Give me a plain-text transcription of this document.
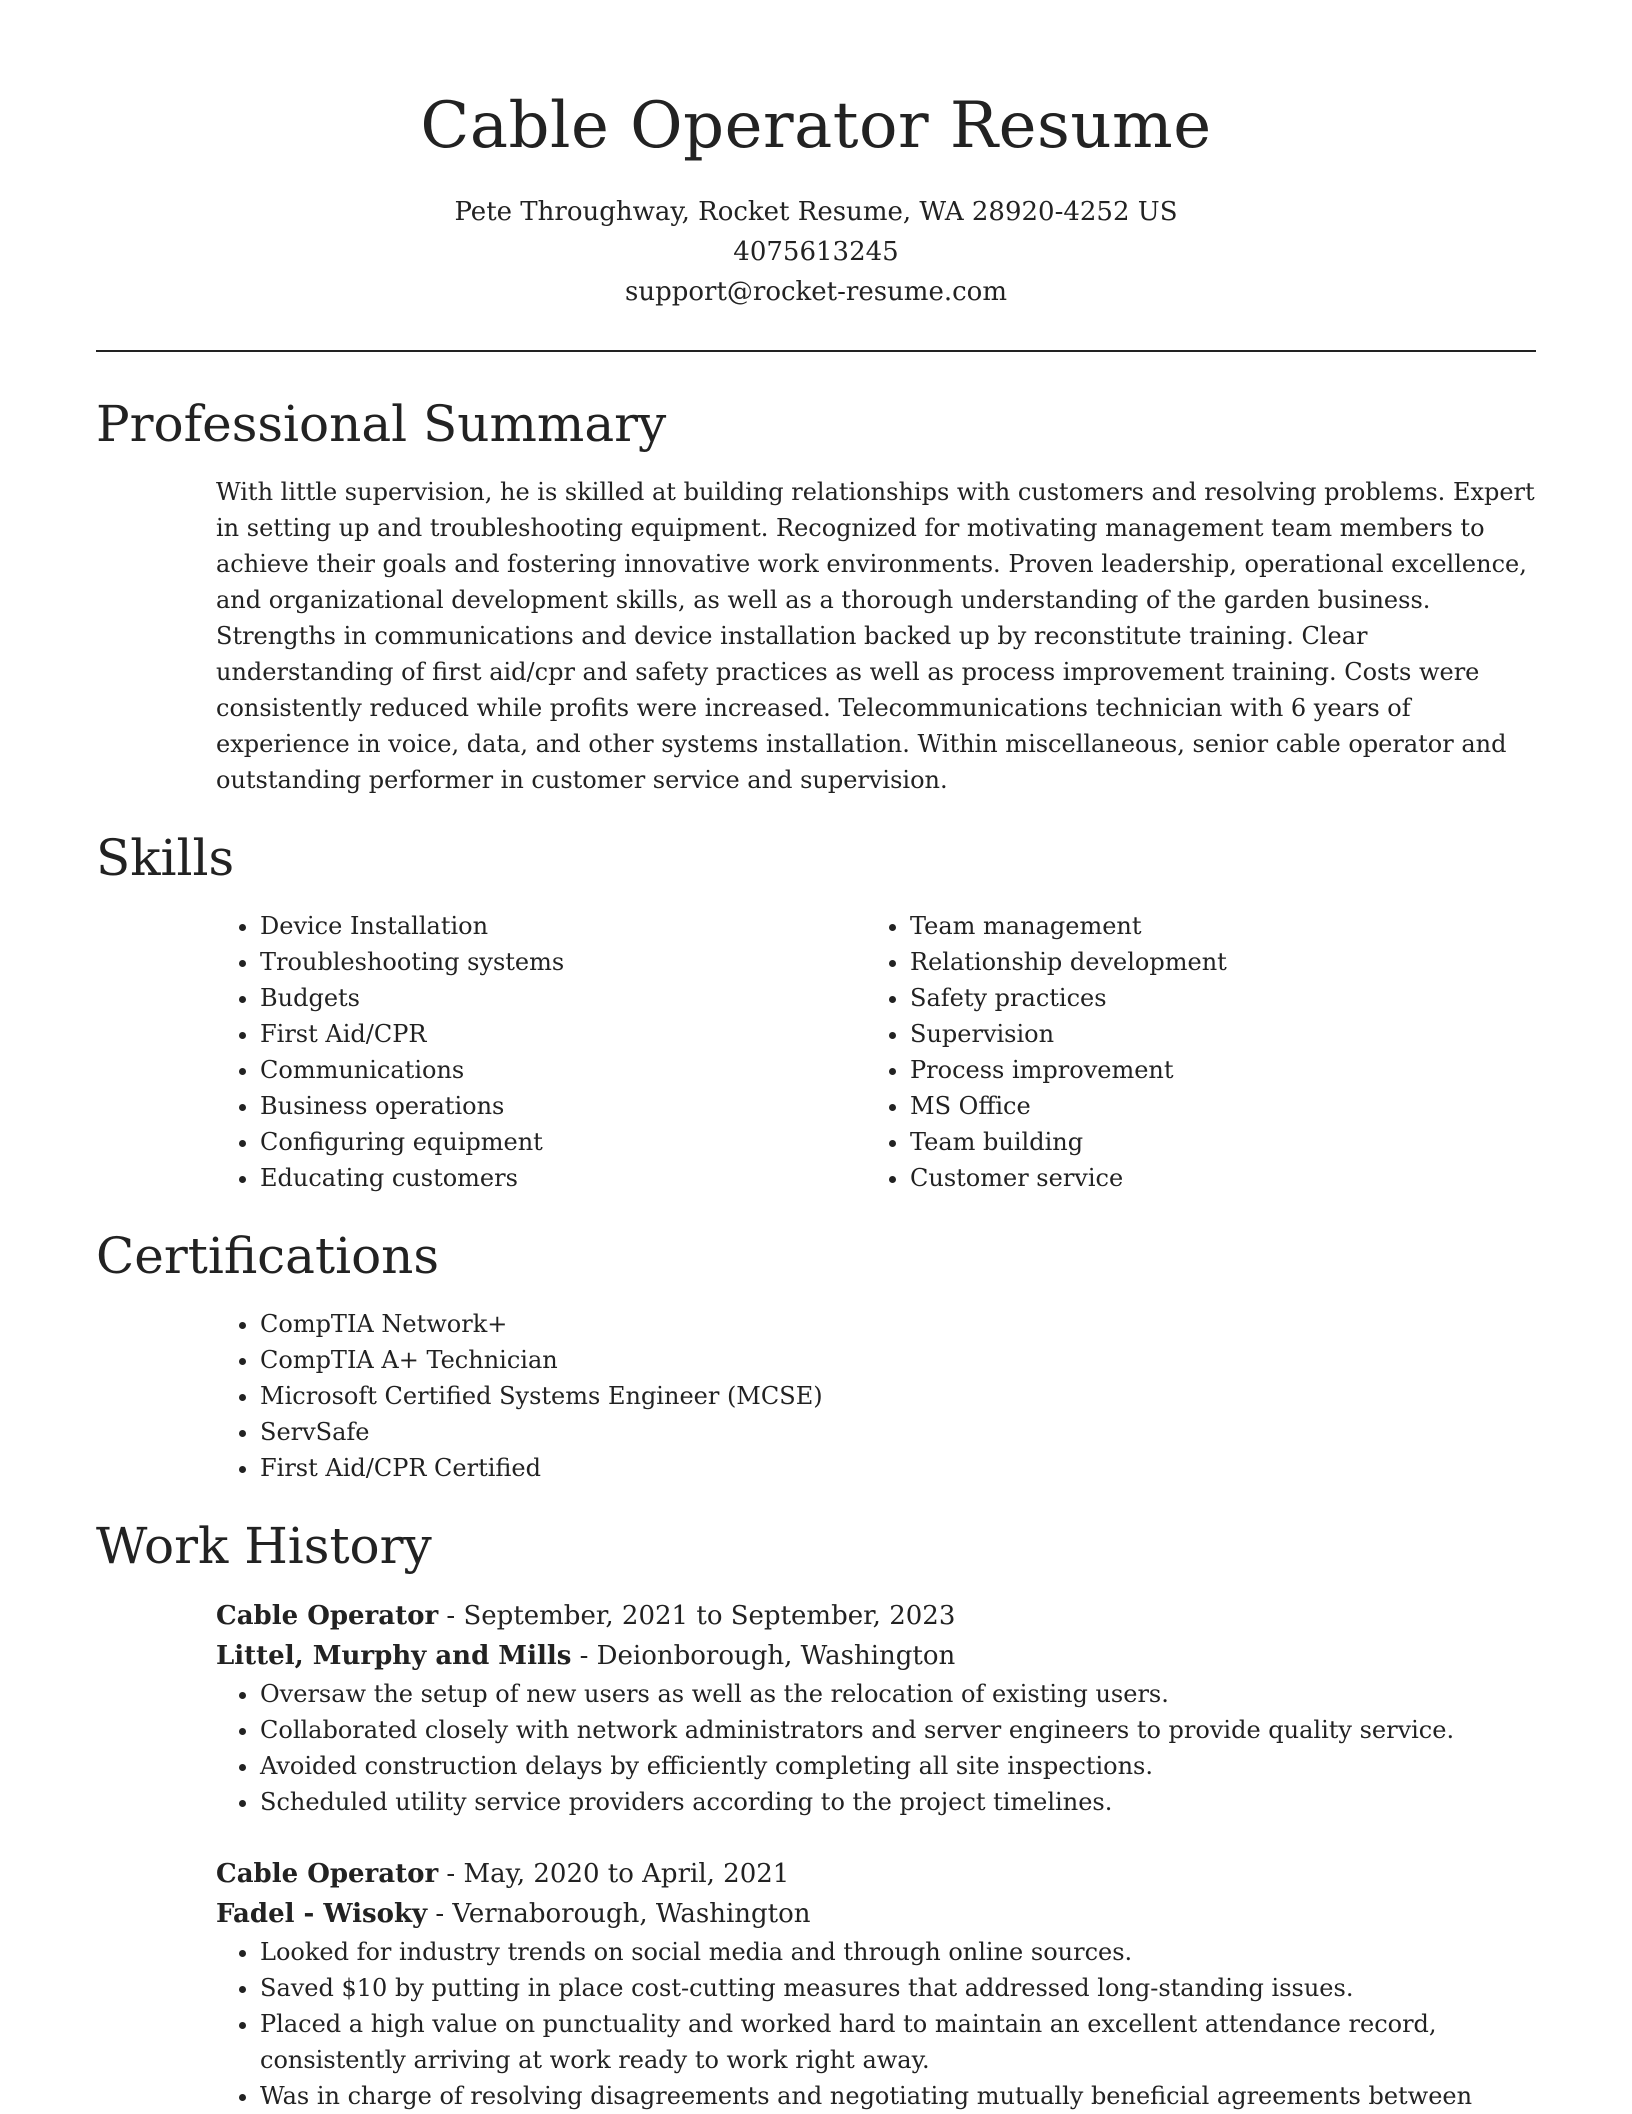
Cable Operator Resume
Pete Throughway, Rocket Resume, WA 28920-4252 US
4075613245
support@rocket-resume.com
Professional Summary
With little supervision, he is skilled at building relationships with customers and resolving problems. Expert in setting up and troubleshooting equipment. Recognized for motivating management team members to achieve their goals and fostering innovative work environments. Proven leadership, operational excellence, and organizational development skills, as well as a thorough understanding of the garden business. Strengths in communications and device installation backed up by reconstitute training. Clear understanding of first aid/cpr and safety practices as well as process improvement training. Costs were consistently reduced while profits were increased. Telecommunications technician with 6 years of experience in voice, data, and other systems installation. Within miscellaneous, senior cable operator and outstanding performer in customer service and supervision.
Skills
• Device Installation
• Troubleshooting systems
• Budgets
• First Aid/CPR
• Communications
• Business operations
• Configuring equipment
• Educating customers
• Team management
• Relationship development
• Safety practices
• Supervision
• Process improvement
• MS Office
• Team building
• Customer service
Certifications
• CompTIA Network+
• CompTIA A+ Technician
• Microsoft Certified Systems Engineer (MCSE)
• ServSafe
• First Aid/CPR Certified
Work History
Cable Operator - September, 2021 to September, 2023
Littel, Murphy and Mills - Deionborough, Washington
• Oversaw the setup of new users as well as the relocation of existing users.
• Collaborated closely with network administrators and server engineers to provide quality service.
• Avoided construction delays by efficiently completing all site inspections.
• Scheduled utility service providers according to the project timelines.
Cable Operator - May, 2020 to April, 2021
Fadel - Wisoky - Vernaborough, Washington
• Looked for industry trends on social media and through online sources.
• Saved $10 by putting in place cost-cutting measures that addressed long-standing issues.
• Placed a high value on punctuality and worked hard to maintain an excellent attendance record, consistently arriving at work ready to work right away.
• Was in charge of resolving disagreements and negotiating mutually beneficial agreements between
